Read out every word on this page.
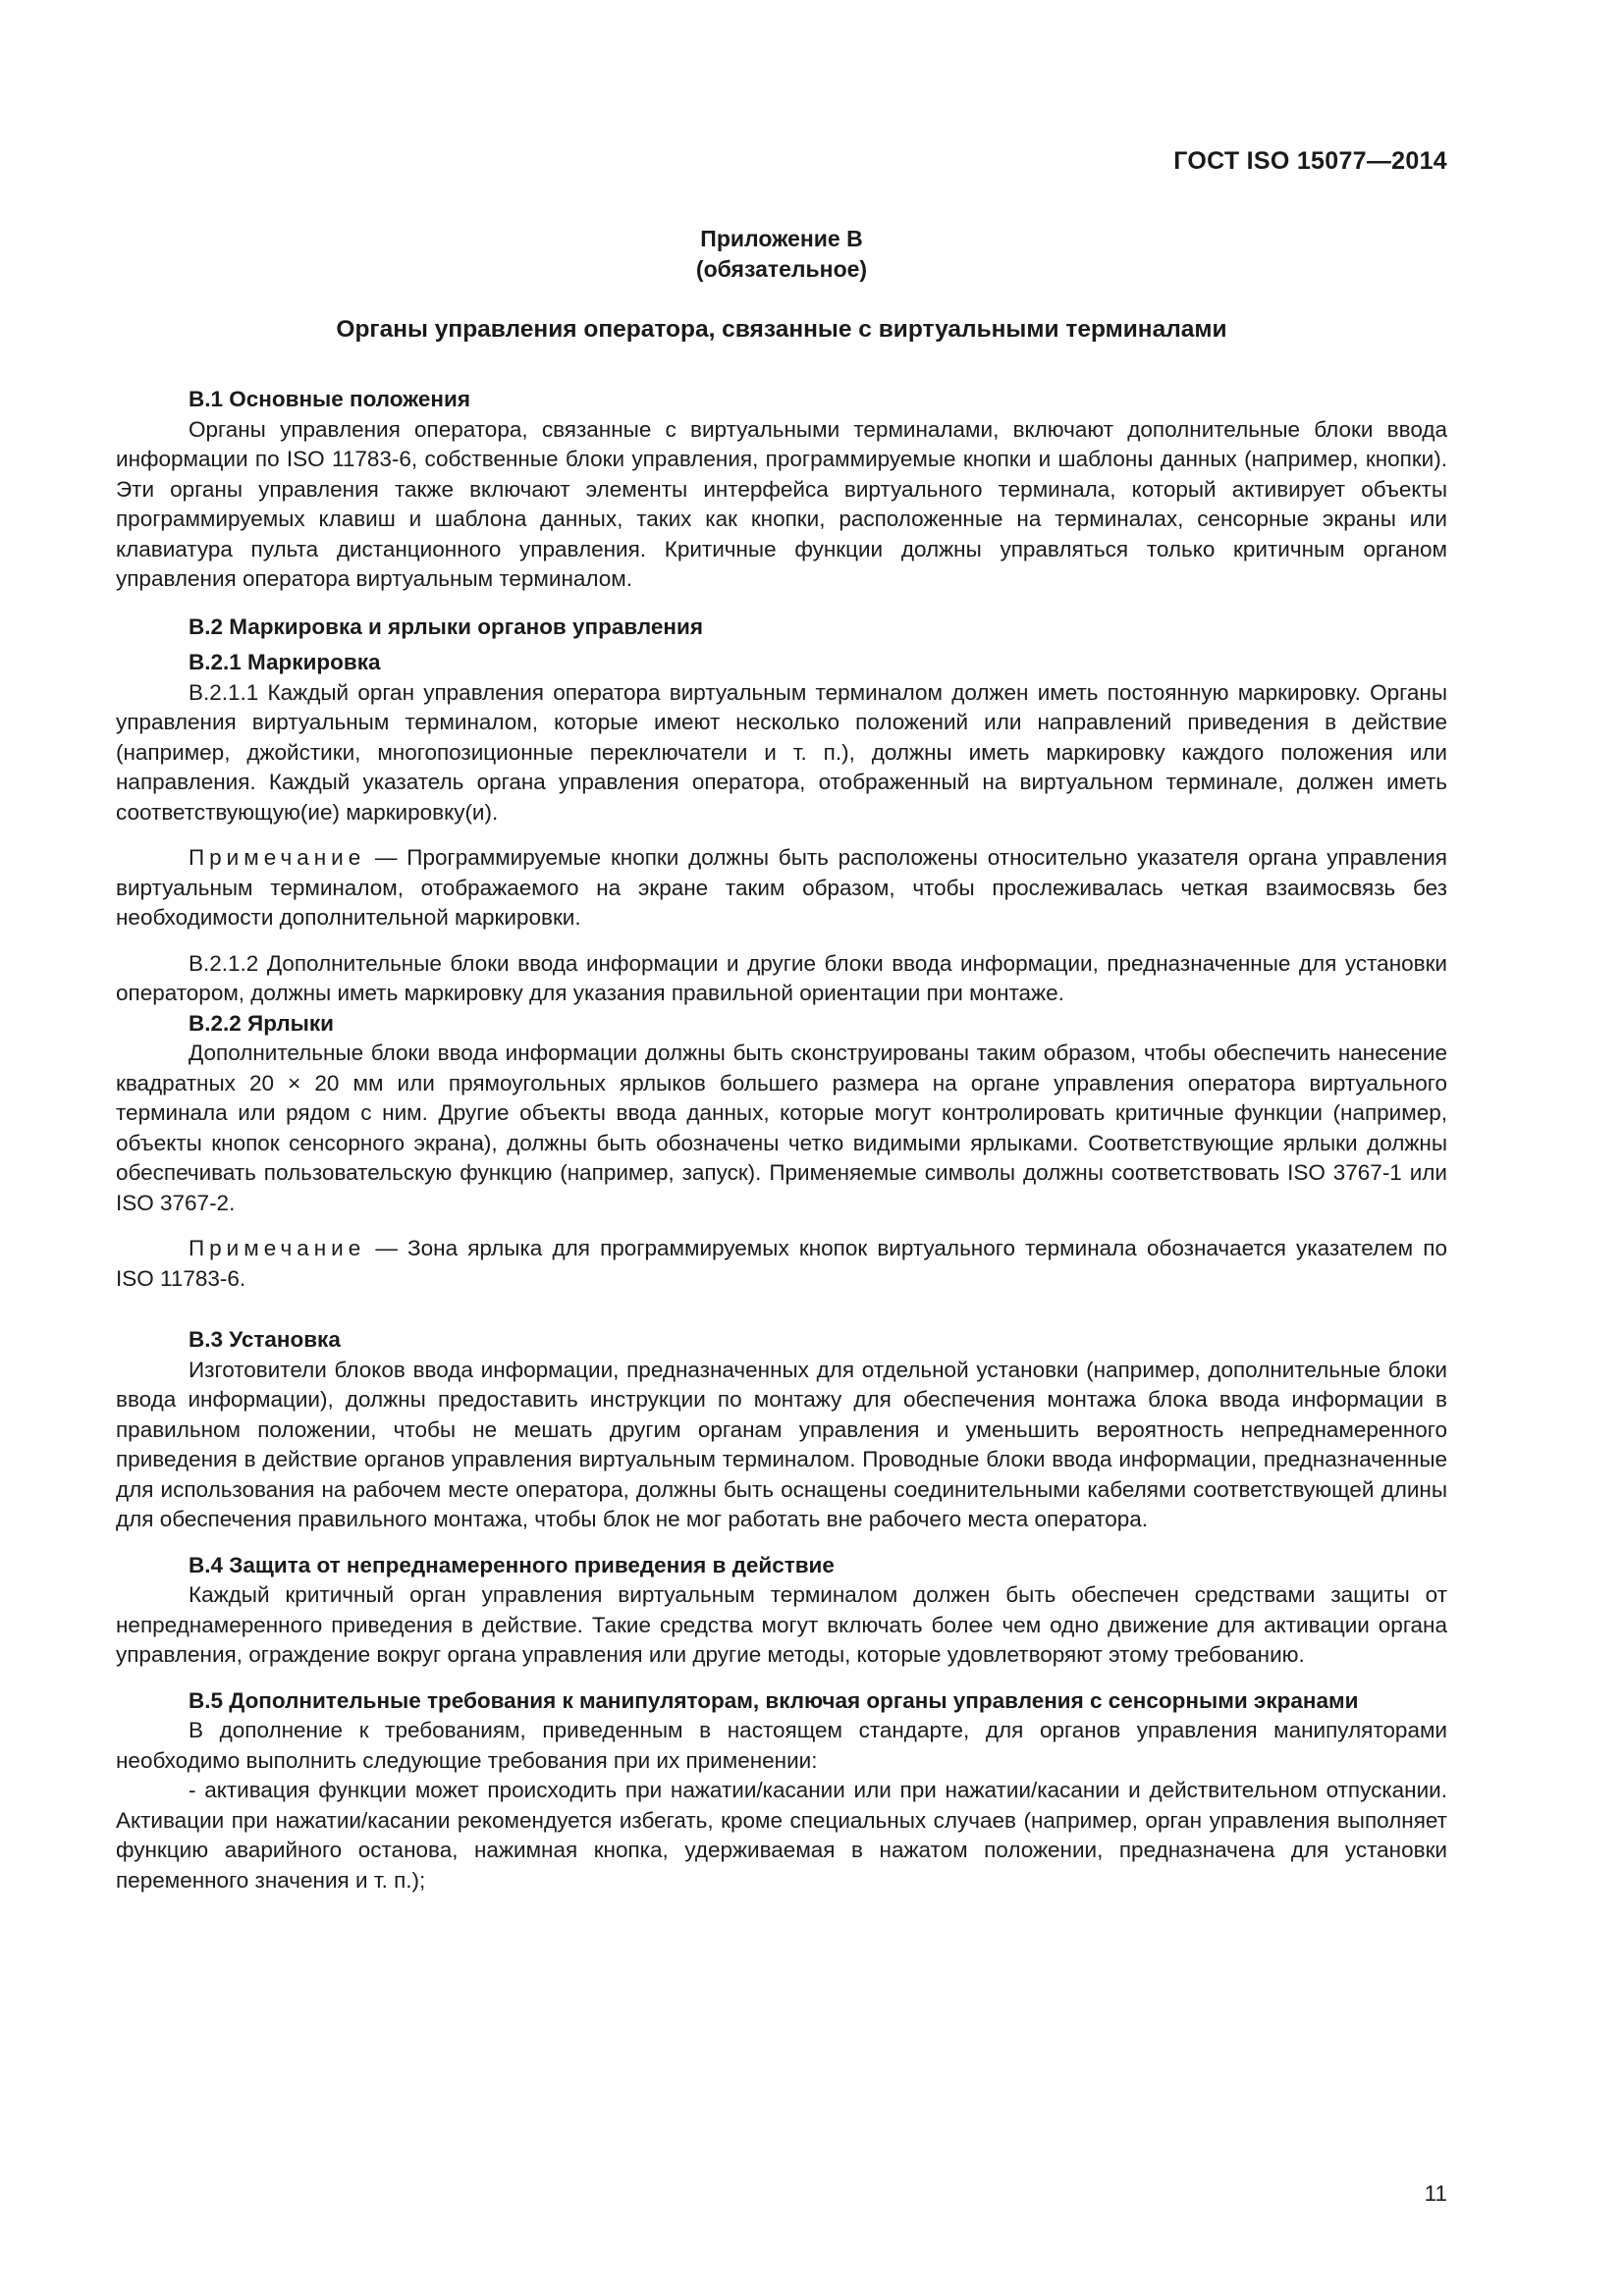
ГОСТ ISO 15077—2014
Приложение В
(обязательное)
Органы управления оператора, связанные с виртуальными терминалами
В.1 Основные положения

Органы управления оператора, связанные с виртуальными терминалами, включают дополнительные блоки ввода информации по ISO 11783-6, собственные блоки управления, программируемые кнопки и шаблоны данных (например, кнопки). Эти органы управления также включают элементы интерфейса виртуального терминала, который активирует объекты программируемых клавиш и шаблона данных, таких как кнопки, расположенные на терминалах, сенсорные экраны или клавиатура пульта дистанционного управления. Критичные функции должны управляться только критичным органом управления оператора виртуальным терминалом.

В.2 Маркировка и ярлыки органов управления
В.2.1 Маркировка

В.2.1.1 Каждый орган управления оператора виртуальным терминалом должен иметь постоянную маркировку. Органы управления виртуальным терминалом, которые имеют несколько положений или направлений приведения в действие (например, джойстики, многопозиционные переключатели и т. п.), должны иметь маркировку каждого положения или направления. Каждый указатель органа управления оператора, отображенный на виртуальном терминале, должен иметь соответствующую(ие) маркировку(и).

Примечание — Программируемые кнопки должны быть расположены относительно указателя органа управления виртуальным терминалом, отображаемого на экране таким образом, чтобы прослеживалась четкая взаимосвязь без необходимости дополнительной маркировки.

В.2.1.2 Дополнительные блоки ввода информации и другие блоки ввода информации, предназначенные для установки оператором, должны иметь маркировку для указания правильной ориентации при монтаже.

В.2.2 Ярлыки

Дополнительные блоки ввода информации должны быть сконструированы таким образом, чтобы обеспечить нанесение квадратных 20 × 20 мм или прямоугольных ярлыков большего размера на органе управления оператора виртуального терминала или рядом с ним. Другие объекты ввода данных, которые могут контролировать критичные функции (например, объекты кнопок сенсорного экрана), должны быть обозначены четко видимыми ярлыками. Соответствующие ярлыки должны обеспечивать пользовательскую функцию (например, запуск). Применяемые символы должны соответствовать ISO 3767-1 или ISO 3767-2.

Примечание — Зона ярлыка для программируемых кнопок виртуального терминала обозначается указателем по ISO 11783-6.

В.3 Установка

Изготовители блоков ввода информации, предназначенных для отдельной установки (например, дополнительные блоки ввода информации), должны предоставить инструкции по монтажу для обеспечения монтажа блока ввода информации в правильном положении, чтобы не мешать другим органам управления и уменьшить вероятность непреднамеренного приведения в действие органов управления виртуальным терминалом. Проводные блоки ввода информации, предназначенные для использования на рабочем месте оператора, должны быть оснащены соединительными кабелями соответствующей длины для обеспечения правильного монтажа, чтобы блок не мог работать вне рабочего места оператора.

В.4 Защита от непреднамеренного приведения в действие

Каждый критичный орган управления виртуальным терминалом должен быть обеспечен средствами защиты от непреднамеренного приведения в действие. Такие средства могут включать более чем одно движение для активации органа управления, ограждение вокруг органа управления или другие методы, которые удовлетворяют этому требованию.

В.5 Дополнительные требования к манипуляторам, включая органы управления с сенсорными экранами

В дополнение к требованиям, приведенным в настоящем стандарте, для органов управления манипуляторами необходимо выполнить следующие требования при их применении:

- активация функции может происходить при нажатии/касании или при нажатии/касании и действительном отпускании. Активации при нажатии/касании рекомендуется избегать, кроме специальных случаев (например, орган управления выполняет функцию аварийного останова, нажимная кнопка, удерживаемая в нажатом положении, предназначена для установки переменного значения и т. п.);

11
